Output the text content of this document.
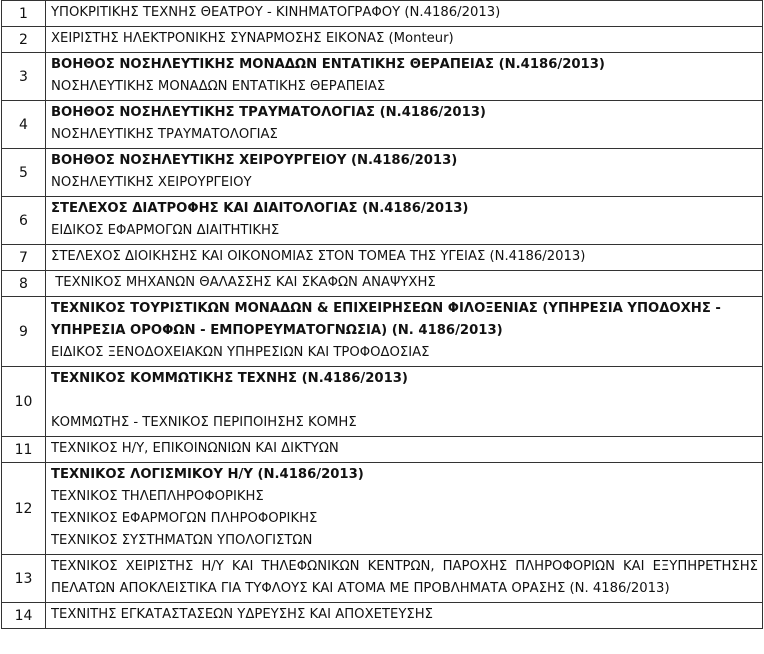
1	ΥΠΟΚΡΙΤΙΚΗΣ ΤΕΧΝΗΣ ΘΕΑΤΡΟΥ - ΚΙΝΗΜΑΤΟΓΡΑΦΟΥ (Ν.4186/2013)

2	ΧΕΙΡΙΣΤΗΣ ΗΛΕΚΤΡΟΝΙΚΗΣ ΣΥΝΑΡΜΟΣΗΣ ΕΙΚΟΝΑΣ (Monteur)

3	ΒΟΗΘΟΣ ΝΟΣΗΛΕΥΤΙΚΗΣ ΜΟΝΑΔΩΝ ΕΝΤΑΤΙΚΗΣ ΘΕΡΑΠΕΙΑΣ (Ν.4186/2013)
ΝΟΣΗΛΕΥΤΙΚΗΣ ΜΟΝΑΔΩΝ ΕΝΤΑΤΙΚΗΣ ΘΕΡΑΠΕΙΑΣ

4	ΒΟΗΘΟΣ ΝΟΣΗΛΕΥΤΙΚΗΣ ΤΡΑΥΜΑΤΟΛΟΓΙΑΣ (Ν.4186/2013)
ΝΟΣΗΛΕΥΤΙΚΗΣ ΤΡΑΥΜΑΤΟΛΟΓΙΑΣ

5	ΒΟΗΘΟΣ ΝΟΣΗΛΕΥΤΙΚΗΣ ΧΕΙΡΟΥΡΓΕΙΟΥ (Ν.4186/2013)
ΝΟΣΗΛΕΥΤΙΚΗΣ ΧΕΙΡΟΥΡΓΕΙΟΥ

6	ΣΤΕΛΕΧΟΣ ΔΙΑΤΡΟΦΗΣ ΚΑΙ ΔΙΑΙΤΟΛΟΓΙΑΣ (Ν.4186/2013)
ΕΙΔΙΚΟΣ ΕΦΑΡΜΟΓΩΝ ΔΙΑΙΤΗΤΙΚΗΣ

7	ΣΤΕΛΕΧΟΣ ΔΙΟΙΚΗΣΗΣ ΚΑΙ ΟΙΚΟΝΟΜΙΑΣ ΣΤΟΝ ΤΟΜΕΑ ΤΗΣ ΥΓΕΙΑΣ (Ν.4186/2013)

8	ΤΕΧΝΙΚΟΣ ΜΗΧΑΝΩΝ ΘΑΛΑΣΣΗΣ ΚΑΙ ΣΚΑΦΩΝ ΑΝΑΨΥΧΗΣ

9	ΤΕΧΝΙΚΟΣ ΤΟΥΡΙΣΤΙΚΩΝ ΜΟΝΑΔΩΝ & ΕΠΙΧΕΙΡΗΣΕΩΝ ΦΙΛΟΞΕΝΙΑΣ (ΥΠΗΡΕΣΙΑ ΥΠΟΔΟΧΗΣ - ΥΠΗΡΕΣΙΑ ΟΡΟΦΩΝ - ΕΜΠΟΡΕΥΜΑΤΟΓΝΩΣΙΑ) (Ν. 4186/2013)
ΕΙΔΙΚΟΣ ΞΕΝΟΔΟΧΕΙΑΚΩΝ ΥΠΗΡΕΣΙΩΝ ΚΑΙ ΤΡΟΦΟΔΟΣΙΑΣ

10	ΤΕΧΝΙΚΟΣ ΚΟΜΜΩΤΙΚΗΣ ΤΕΧΝΗΣ (Ν.4186/2013)
ΚΟΜΜΩΤΗΣ - ΤΕΧΝΙΚΟΣ ΠΕΡΙΠΟΙΗΣΗΣ ΚΟΜΗΣ

11	ΤΕΧΝΙΚΟΣ Η/Υ, ΕΠΙΚΟΙΝΩΝΙΩΝ ΚΑΙ ΔΙΚΤΥΩΝ

12	ΤΕΧΝΙΚΟΣ ΛΟΓΙΣΜΙΚΟΥ Η/Υ (Ν.4186/2013)
ΤΕΧΝΙΚΟΣ ΤΗΛΕΠΛΗΡΟΦΟΡΙΚΗΣ
ΤΕΧΝΙΚΟΣ ΕΦΑΡΜΟΓΩΝ ΠΛΗΡΟΦΟΡΙΚΗΣ
ΤΕΧΝΙΚΟΣ ΣΥΣΤΗΜΑΤΩΝ ΥΠΟΛΟΓΙΣΤΩΝ

13	ΤΕΧΝΙΚΟΣ ΧΕΙΡΙΣΤΗΣ Η/Υ ΚΑΙ ΤΗΛΕΦΩΝΙΚΩΝ ΚΕΝΤΡΩΝ, ΠΑΡΟΧΗΣ ΠΛΗΡΟΦΟΡΙΩΝ ΚΑΙ ΕΞΥΠΗΡΕΤΗΣΗΣ ΠΕΛΑΤΩΝ ΑΠΟΚΛΕΙΣΤΙΚΑ ΓΙΑ ΤΥΦΛΟΥΣ ΚΑΙ ΑΤΟΜΑ ΜΕ ΠΡΟΒΛΗΜΑΤΑ ΟΡΑΣΗΣ (Ν. 4186/2013)

14	ΤΕΧΝΙΤΗΣ ΕΓΚΑΤΑΣΤΑΣΕΩΝ ΥΔΡΕΥΣΗΣ ΚΑΙ ΑΠΟΧΕΤΕΥΣΗΣ
